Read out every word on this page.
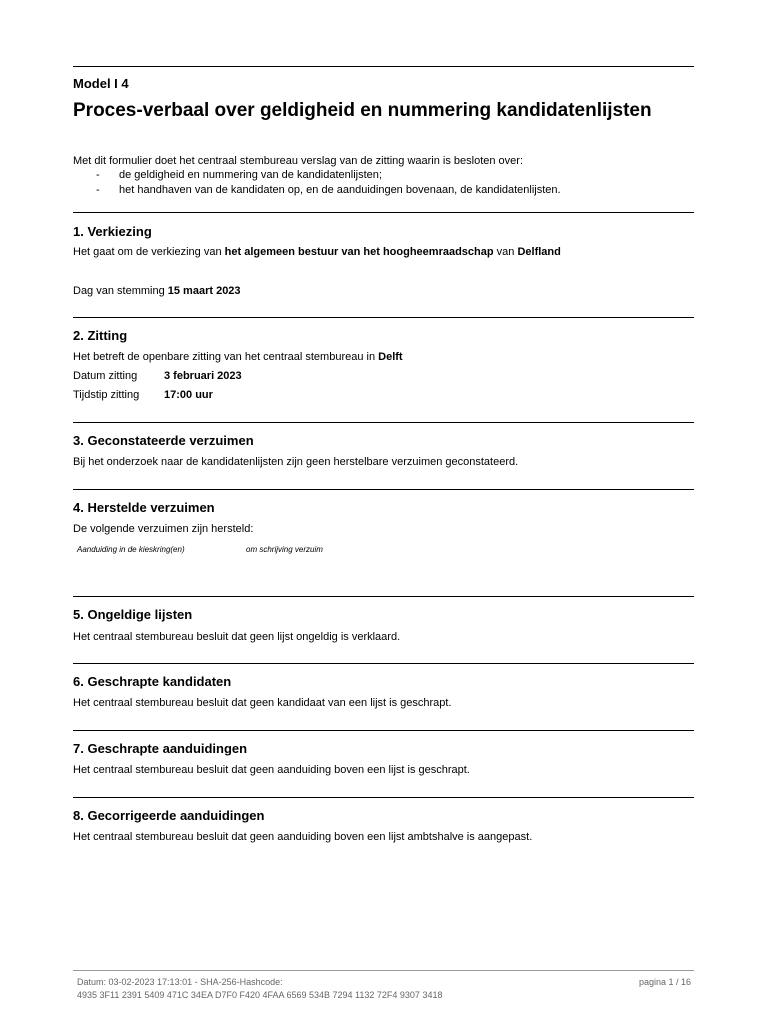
Model I 4
Proces-verbaal over geldigheid en nummering kandidatenlijsten
Met dit formulier doet het centraal stembureau verslag van de zitting waarin is besloten over:
- de geldigheid en nummering van de kandidatenlijsten;
- het handhaven van de kandidaten op, en de aanduidingen bovenaan, de kandidatenlijsten.
1. Verkiezing
Het gaat om de verkiezing van het algemeen bestuur van het hoogheemraadschap van Delfland
Dag van stemming 15 maart 2023
2. Zitting
Het betreft de openbare zitting van het centraal stembureau in Delft
Datum zitting 3 februari 2023
Tijdstip zitting 17:00 uur
3. Geconstateerde verzuimen
Bij het onderzoek naar de kandidatenlijsten zijn geen herstelbare verzuimen geconstateerd.
4. Herstelde verzuimen
De volgende verzuimen zijn hersteld:
Aanduiding in de kieskring(en)	om schrijving verzuim
5. Ongeldige lijsten
Het centraal stembureau besluit dat geen lijst ongeldig is verklaard.
6. Geschrapte kandidaten
Het centraal stembureau besluit dat geen kandidaat van een lijst is geschrapt.
7. Geschrapte aanduidingen
Het centraal stembureau besluit dat geen aanduiding boven een lijst is geschrapt.
8. Gecorrigeerde aanduidingen
Het centraal stembureau besluit dat geen aanduiding boven een lijst ambtshalve is aangepast.
Datum: 03-02-2023 17:13:01 - SHA-256-Hashcode:
4935 3F11 2391 5409 471C 34EA D7F0 F420 4FAA 6569 534B 7294 1132 72F4 9307 3418
pagina 1 / 16
